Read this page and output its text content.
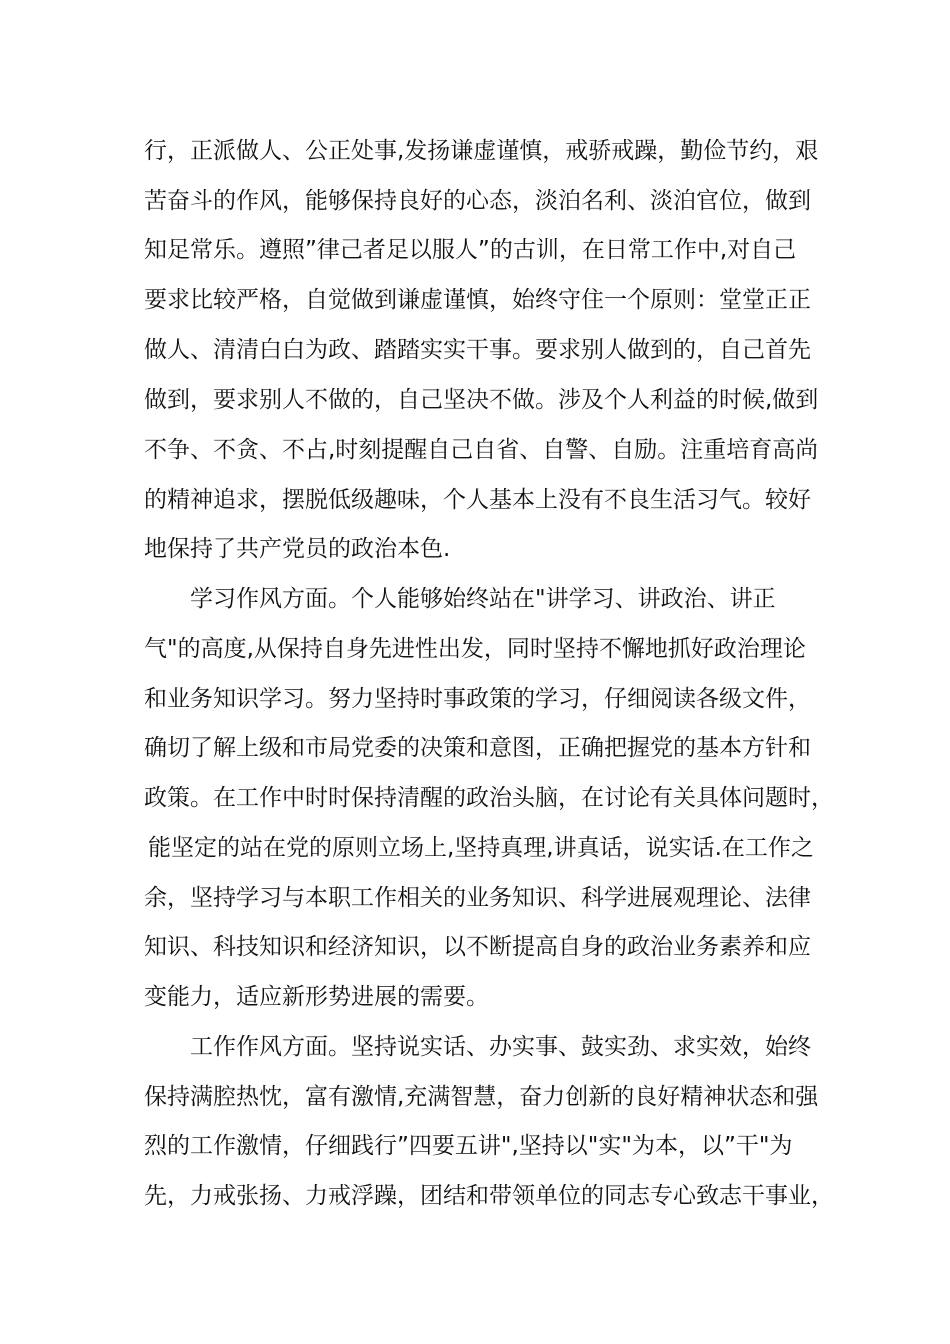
行，正派做人、公正处事,发扬谦虚谨慎，戒骄戒躁，勤俭节约，艰
苦奋斗的作风，能够保持良好的心态，淡泊名利、淡泊官位，做到
知足常乐。遵照”律己者足以服人”的古训，在日常工作中,对自己
要求比较严格，自觉做到谦虚谨慎，始终守住一个原则：堂堂正正
做人、清清白白为政、踏踏实实干事。要求别人做到的，自己首先
做到，要求别人不做的，自己坚决不做。涉及个人利益的时候,做到
不争、不贪、不占,时刻提醒自己自省、自警、自励。注重培育高尚
的精神追求，摆脱低级趣味，个人基本上没有不良生活习气。较好
地保持了共产党员的政治本色.
学习作风方面。个人能够始终站在"讲学习、讲政治、讲正
气"的高度,从保持自身先进性出发，同时坚持不懈地抓好政治理论
和业务知识学习。努力坚持时事政策的学习，仔细阅读各级文件，
确切了解上级和市局党委的决策和意图，正确把握党的基本方针和
政策。在工作中时时保持清醒的政治头脑，在讨论有关具体问题时，
能坚定的站在党的原则立场上,坚持真理,讲真话，说实话.在工作之
余，坚持学习与本职工作相关的业务知识、科学进展观理论、法律
知识、科技知识和经济知识，以不断提高自身的政治业务素养和应
变能力，适应新形势进展的需要。
工作作风方面。坚持说实话、办实事、鼓实劲、求实效，始终
保持满腔热忱，富有激情,充满智慧，奋力创新的良好精神状态和强
烈的工作激情，仔细践行”四要五讲",坚持以"实"为本，以”干"为
先，力戒张扬、力戒浮躁，团结和带领单位的同志专心致志干事业，
